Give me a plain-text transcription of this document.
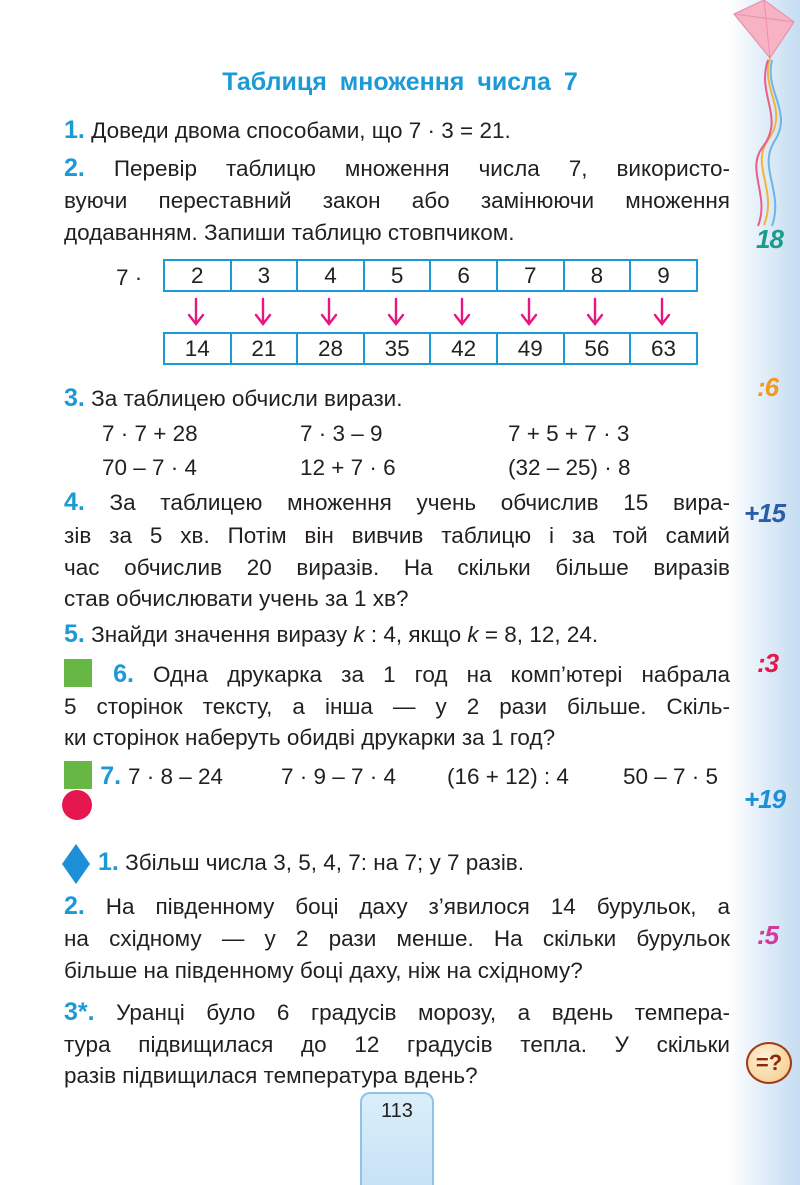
18
:6
+15
:3
+19
:5
=?
Таблиця множення числа 7
1. Доведи двома способами, що 7 · 3 = 21.
2. Перевір таблицю множення числа 7, використо-
вуючи переставний закон або замінюючи множення
додаванням. Запиши таблицю стовпчиком.
7 ·	2	3	4	5	6	7	8	9
14	21	28	35	42	49	56	63
3. За таблицею обчисли вирази.
7 · 7 + 28	7 · 3 – 9	7 + 5 + 7 · 3
70 – 7 · 4	12 + 7 · 6	(32 – 25) · 8
4. За таблицею множення учень обчислив 15 вира-
зів за 5 хв. Потім він вивчив таблицю і за той самий
час обчислив 20 виразів. На скільки більше виразів
став обчислювати учень за 1 хв?
5. Знайди значення виразу k : 4, якщо k = 8, 12, 24.
6. Одна друкарка за 1 год на комп’ютері набрала
5 сторінок тексту, а інша — у 2 рази більше. Скіль-
ки сторінок наберуть обидві друкарки за 1 год?
7. 7 · 8 – 24	7 · 9 – 7 · 4 (16 + 12) : 4 50 – 7 · 5
1. Збільш числа 3, 5, 4, 7: на 7; у 7 разів.
2. На південному боці даху з’явилося 14 бурульок, а
на східному — у 2 рази менше. На скільки бурульок
більше на південному боці даху, ніж на східному?
3*. Уранці було 6 градусів морозу, а вдень темпера-
тура підвищилася до 12 градусів тепла. У скільки
разів підвищилася температура вдень?
113
